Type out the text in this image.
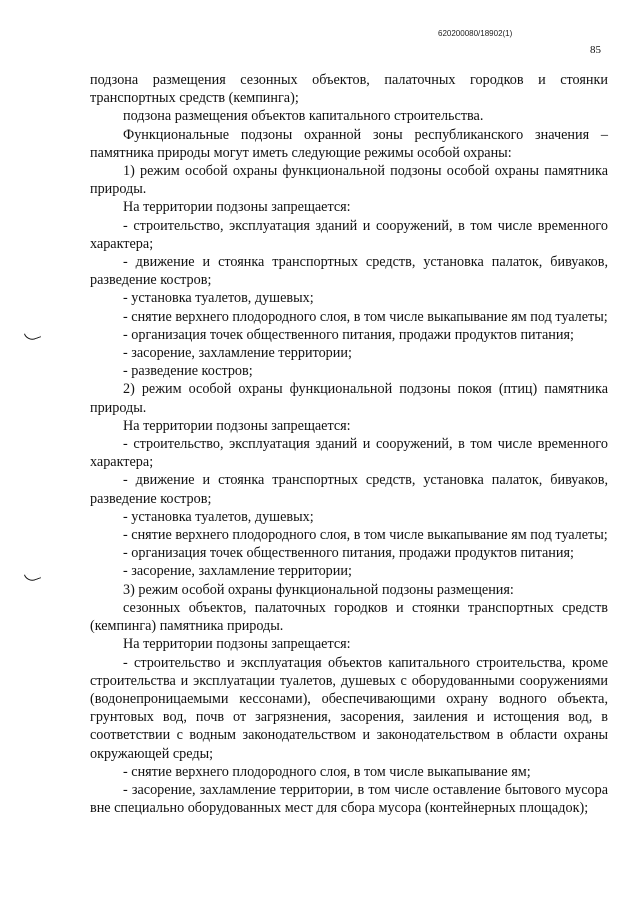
620200080/18902(1)
85

подзона размещения сезонных объектов, палаточных городков и стоянки транспортных средств (кемпинга);

подзона размещения объектов капитального строительства.

Функциональные подзоны охранной зоны республиканского значения – памятника природы могут иметь следующие режимы особой охраны:

1) режим особой охраны функциональной подзоны особой охраны памятника природы.

На территории подзоны запрещается:

- строительство, эксплуатация зданий и сооружений, в том числе временного характера;

- движение и стоянка транспортных средств, установка палаток, бивуаков, разведение костров;

- установка туалетов, душевых;

- снятие верхнего плодородного слоя, в том числе выкапывание ям под туалеты;

- организация точек общественного питания, продажи продуктов питания;

- засорение, захламление территории;

- разведение костров;

2) режим особой охраны функциональной подзоны покоя (птиц) памятника природы.

На территории подзоны запрещается:

- строительство, эксплуатация зданий и сооружений, в том числе временного характера;

- движение и стоянка транспортных средств, установка палаток, бивуаков, разведение костров;

- установка туалетов, душевых;

- снятие верхнего плодородного слоя, в том числе выкапывание ям под туалеты;

- организация точек общественного питания, продажи продуктов питания;

- засорение, захламление территории;

3) режим особой охраны функциональной подзоны размещения:

сезонных объектов, палаточных городков и стоянки транспортных средств (кемпинга) памятника природы.

На территории подзоны запрещается:

- строительство и эксплуатация объектов капитального строительства, кроме строительства и эксплуатации туалетов, душевых с оборудованными сооружениями (водонепроницаемыми кессонами), обеспечивающими охрану водного объекта, грунтовых вод, почв от загрязнения, засорения, заиления и истощения вод, в соответствии с водным законодательством и законодательством в области охраны окружающей среды;

- снятие верхнего плодородного слоя, в том числе выкапывание ям;

- засорение, захламление территории, в том числе оставление бытового мусора вне специально оборудованных мест для сбора мусора (контейнерных площадок);
